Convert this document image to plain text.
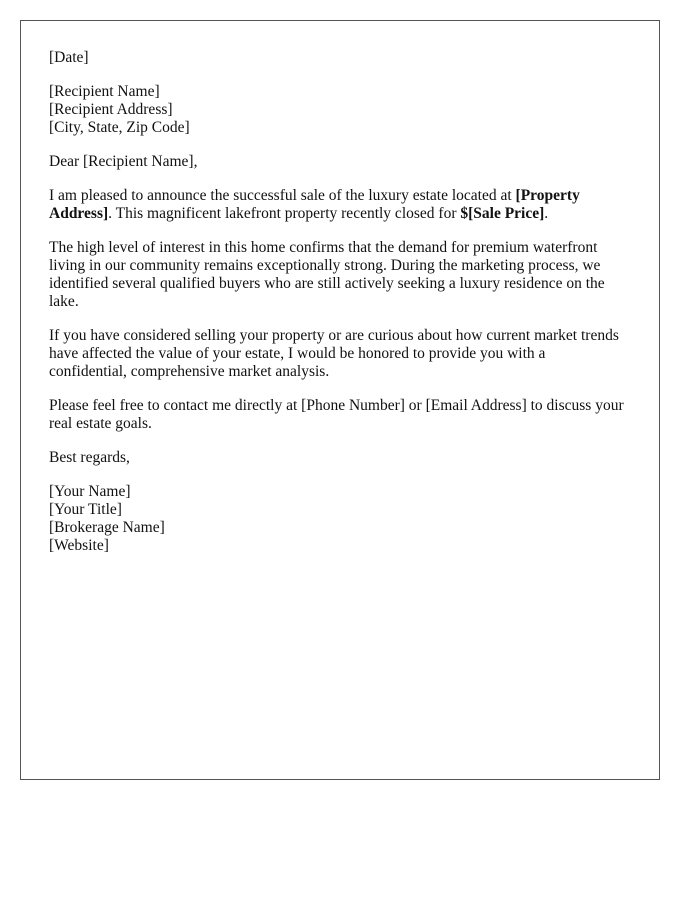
[Date]
[Recipient Name]
[Recipient Address]
[City, State, Zip Code]
Dear [Recipient Name],
I am pleased to announce the successful sale of the luxury estate located at [Property Address]. This magnificent lakefront property recently closed for $[Sale Price].
The high level of interest in this home confirms that the demand for premium waterfront living in our community remains exceptionally strong. During the marketing process, we identified several qualified buyers who are still actively seeking a luxury residence on the lake.
If you have considered selling your property or are curious about how current market trends have affected the value of your estate, I would be honored to provide you with a confidential, comprehensive market analysis.
Please feel free to contact me directly at [Phone Number] or [Email Address] to discuss your real estate goals.
Best regards,
[Your Name]
[Your Title]
[Brokerage Name]
[Website]
